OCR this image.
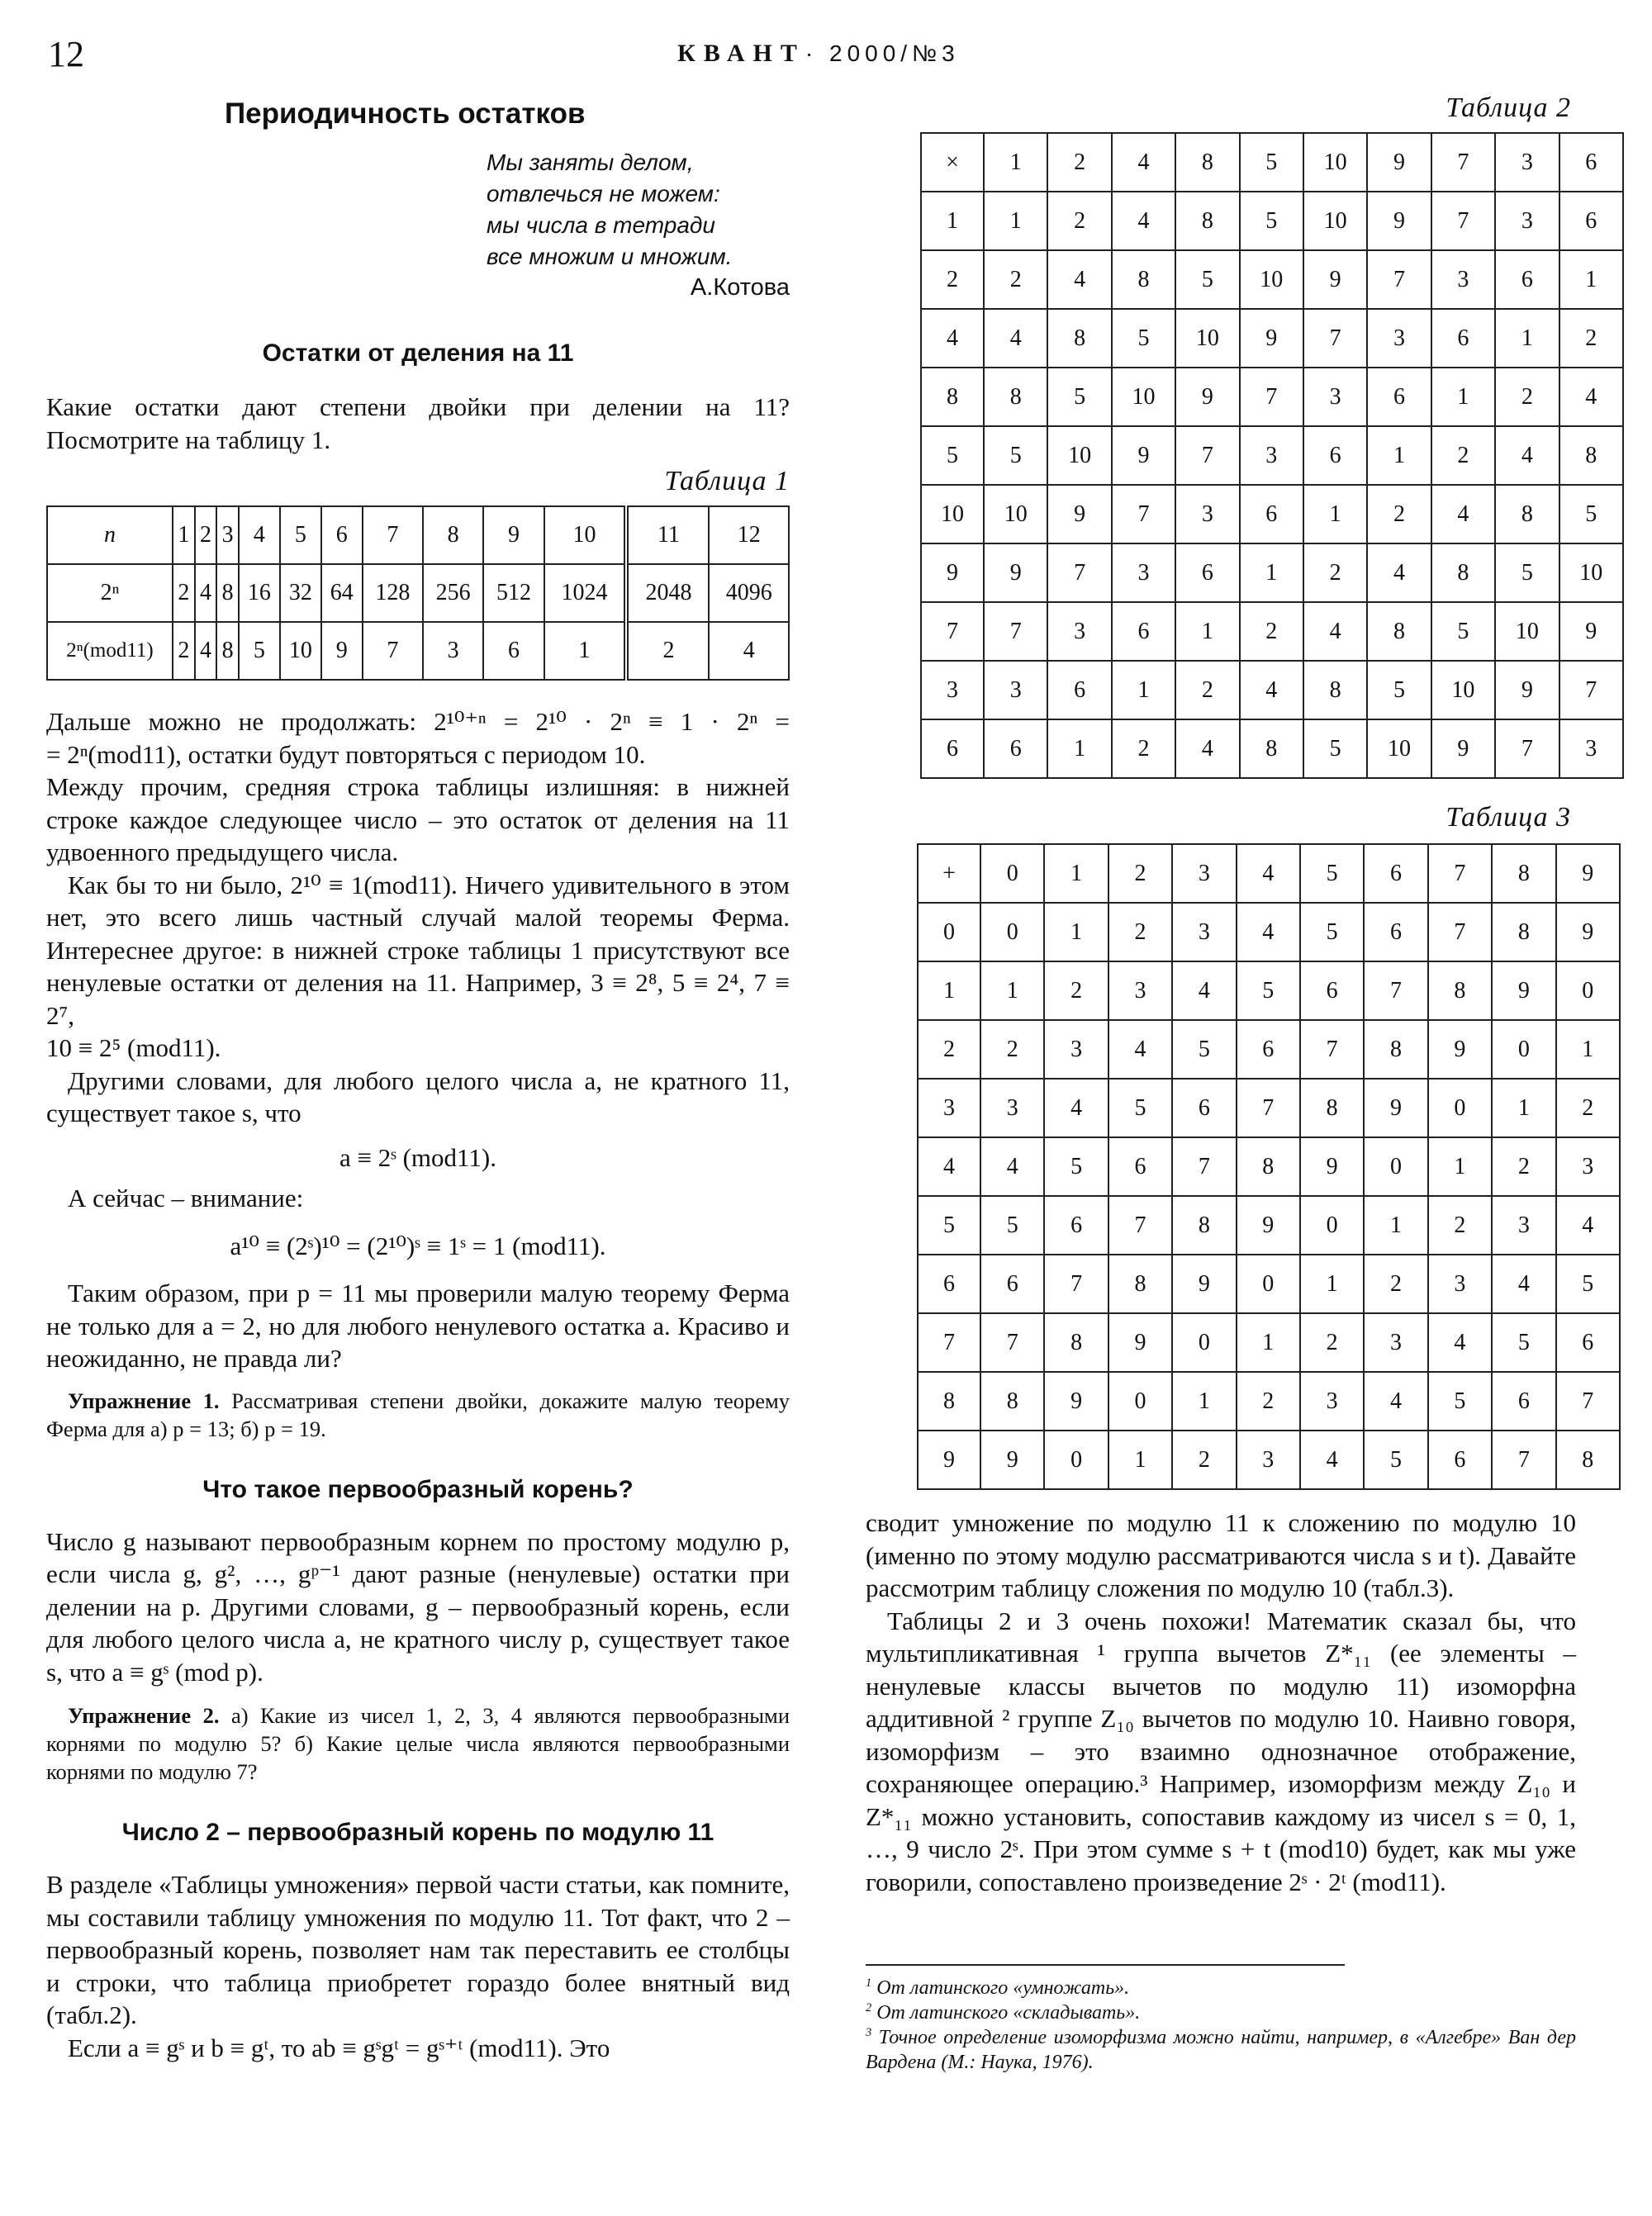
12	КВАНТ· 2000/№3
Периодичность остатков
Мы заняты делом,
отвлечься не можем:
мы числа в тетради
все множим и множим.
А.Котова
Остатки от деления на 11

Какие остатки дают степени двойки при делении на 11? Посмотрите на таблицу 1.

Таблица 1
n	1	2	3	4	5	6	7	8	9	10	11	12
2ⁿ	2	4	8	16	32	64	128	256	512	1024	2048	4096
2ⁿ(mod11)	2	4	8	5	10	9	7	3	6	1	2	4

Дальше можно не продолжать: 2¹⁰⁺ⁿ = 2¹⁰ · 2ⁿ ≡ 1 · 2ⁿ =

= 2ⁿ(mod11), остатки будут повторяться с периодом 10.

Между прочим, средняя строка таблицы излишняя: в нижней строке каждое следующее число – это остаток от деления на 11 удвоенного предыдущего числа.

Как бы то ни было, 2¹⁰ ≡ 1(mod11). Ничего удивительного в этом нет, это всего лишь частный случай малой теоремы Ферма. Интереснее другое: в нижней строке таблицы 1 присутствуют все ненулевые остатки от деления на 11. Например, 3 ≡ 2⁸, 5 ≡ 2⁴, 7 ≡ 2⁷,

10 ≡ 2⁵ (mod11).

Другими словами, для любого целого числа a, не кратного 11, существует такое s, что

a ≡ 2ˢ (mod11).

А сейчас – внимание:

a¹⁰ ≡ (2ˢ)¹⁰ = (2¹⁰)ˢ ≡ 1ˢ = 1 (mod11).

Таким образом, при p = 11 мы проверили малую теорему Ферма не только для a = 2, но для любого ненулевого остатка a. Красиво и неожиданно, не правда ли?

Упражнение 1. Рассматривая степени двойки, докажите малую теорему Ферма для а) p = 13; б) p = 19.

Что такое первообразный корень?

Число g называют первообразным корнем по простому модулю p, если числа g, g², …, gᵖ⁻¹ дают разные (ненулевые) остатки при делении на p. Другими словами, g – первообразный корень, если для любого целого числа a, не кратного числу p, существует такое s, что a ≡ gˢ (mod p).

Упражнение 2. а) Какие из чисел 1, 2, 3, 4 являются первообразными корнями по модулю 5? б) Какие целые числа являются первообразными корнями по модулю 7?

Число 2 – первообразный корень по модулю 11

В разделе «Таблицы умножения» первой части статьи, как помните, мы составили таблицу умножения по модулю 11. Тот факт, что 2 – первообразный корень, позволяет нам так переставить ее столбцы и строки, что таблица приобретет гораздо более внятный вид (табл.2).

Если a ≡ gˢ и b ≡ gᵗ, то ab ≡ gˢgᵗ = gˢ⁺ᵗ (mod11). Это

Таблица 2
×	1	2	4	8	5	10	9	7	3	6
1	1	2	4	8	5	10	9	7	3	6
2	2	4	8	5	10	9	7	3	6	1
4	4	8	5	10	9	7	3	6	1	2
8	8	5	10	9	7	3	6	1	2	4
5	5	10	9	7	3	6	1	2	4	8
10	10	9	7	3	6	1	2	4	8	5
9	9	7	3	6	1	2	4	8	5	10
7	7	3	6	1	2	4	8	5	10	9
3	3	6	1	2	4	8	5	10	9	7
6	6	1	2	4	8	5	10	9	7	3
Таблица 3
+	0	1	2	3	4	5	6	7	8	9
0	0	1	2	3	4	5	6	7	8	9
1	1	2	3	4	5	6	7	8	9	0
2	2	3	4	5	6	7	8	9	0	1
3	3	4	5	6	7	8	9	0	1	2
4	4	5	6	7	8	9	0	1	2	3
5	5	6	7	8	9	0	1	2	3	4
6	6	7	8	9	0	1	2	3	4	5
7	7	8	9	0	1	2	3	4	5	6
8	8	9	0	1	2	3	4	5	6	7
9	9	0	1	2	3	4	5	6	7	8

сводит умножение по модулю 11 к сложению по модулю 10 (именно по этому модулю рассматриваются числа s и t). Давайте рассмотрим таблицу сложения по модулю 10 (табл.3).

Таблицы 2 и 3 очень похожи! Математик сказал бы, что мультипликативная ¹ группа вычетов Z*₁₁ (ее элементы – ненулевые классы вычетов по модулю 11) изоморфна аддитивной ² группе Z₁₀ вычетов по модулю 10. Наивно говоря, изоморфизм – это взаимно однозначное отображение, сохраняющее операцию.³ Например, изоморфизм между Z₁₀ и Z*₁₁ можно установить, сопоставив каждому из чисел s = 0, 1, …, 9 число 2ˢ. При этом сумме s + t (mod10) будет, как мы уже говорили, сопоставлено произведение 2ˢ · 2ᵗ (mod11).

$^1$ От латинского «умножать».

$^2$ От латинского «складывать».

$^3$ Точное определение изоморфизма можно найти, например, в «Алгебре» Ван дер Вардена (М.: Наука, 1976).
